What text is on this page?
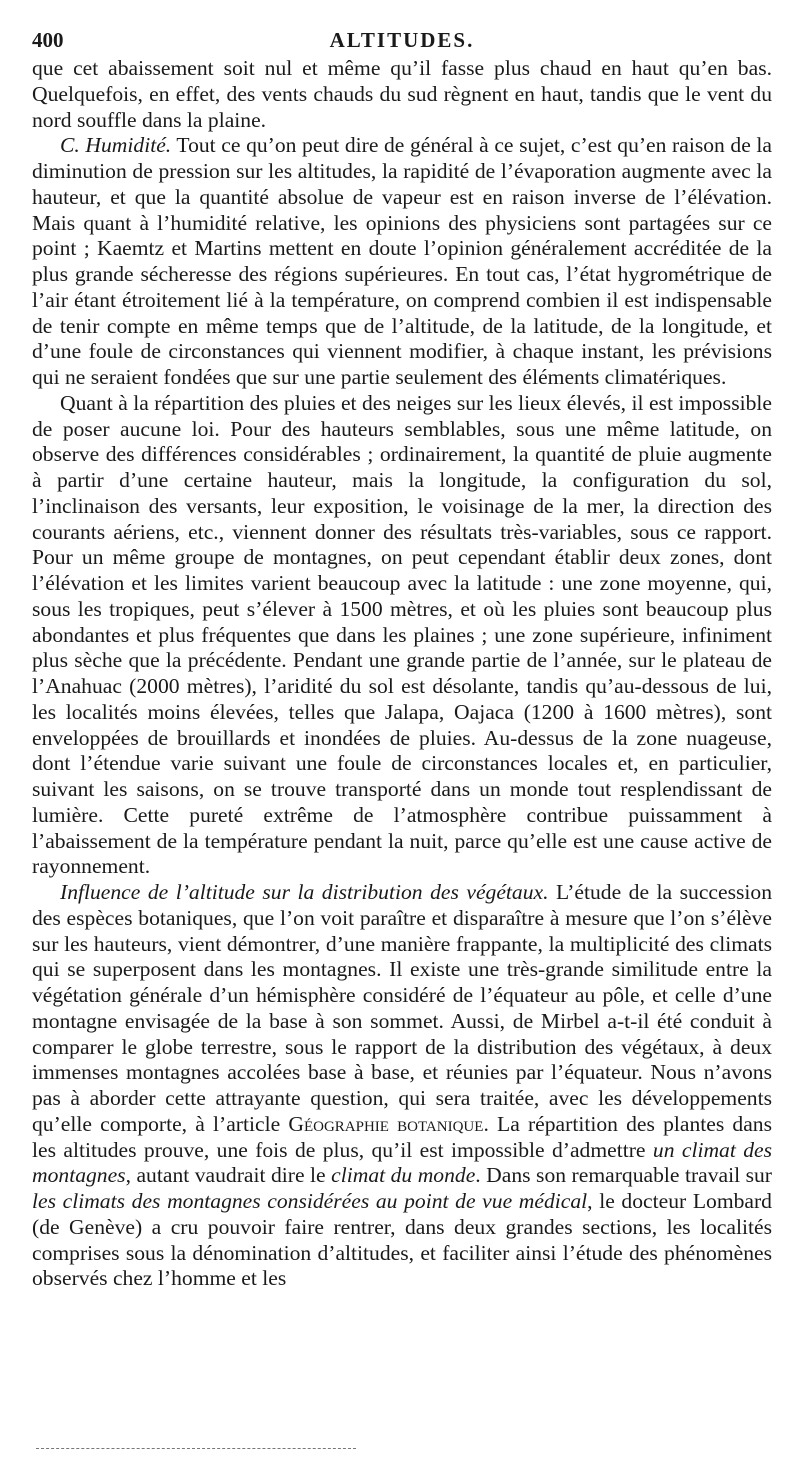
400	ALTITUDES.

que cet abaissement soit nul et même qu’il fasse plus chaud en haut qu’en bas. Quelquefois, en effet, des vents chauds du sud règnent en haut, tandis que le vent du nord souffle dans la plaine.

C. Humidité. Tout ce qu’on peut dire de général à ce sujet, c’est qu’en raison de la diminution de pression sur les altitudes, la rapidité de l’évaporation augmente avec la hauteur, et que la quantité absolue de vapeur est en raison inverse de l’élévation. Mais quant à l’humidité relative, les opinions des physiciens sont partagées sur ce point ; Kaemtz et Martins mettent en doute l’opinion généralement accréditée de la plus grande sécheresse des régions supérieures. En tout cas, l’état hygrométrique de l’air étant étroitement lié à la température, on comprend combien il est indispensable de tenir compte en même temps que de l’altitude, de la latitude, de la longitude, et d’une foule de circonstances qui viennent modifier, à chaque instant, les prévisions qui ne seraient fondées que sur une partie seulement des éléments climatériques.

Quant à la répartition des pluies et des neiges sur les lieux élevés, il est impossible de poser aucune loi. Pour des hauteurs semblables, sous une même latitude, on observe des différences considérables ; ordinairement, la quantité de pluie augmente à partir d’une certaine hauteur, mais la longitude, la configuration du sol, l’inclinaison des versants, leur exposition, le voisinage de la mer, la direction des courants aériens, etc., viennent donner des résultats très-variables, sous ce rapport. Pour un même groupe de montagnes, on peut cependant établir deux zones, dont l’élévation et les limites varient beaucoup avec la latitude : une zone moyenne, qui, sous les tropiques, peut s’élever à 1500 mètres, et où les pluies sont beaucoup plus abondantes et plus fréquentes que dans les plaines ; une zone supérieure, infiniment plus sèche que la précédente. Pendant une grande partie de l’année, sur le plateau de l’Anahuac (2000 mètres), l’aridité du sol est désolante, tandis qu’au-dessous de lui, les localités moins élevées, telles que Jalapa, Oajaca (1200 à 1600 mètres), sont enveloppées de brouillards et inondées de pluies. Au-dessus de la zone nuageuse, dont l’étendue varie suivant une foule de circonstances locales et, en particulier, suivant les saisons, on se trouve transporté dans un monde tout resplendissant de lumière. Cette pureté extrême de l’atmosphère contribue puissamment à l’abaissement de la température pendant la nuit, parce qu’elle est une cause active de rayonnement.

Influence de l’altitude sur la distribution des végétaux. L’étude de la succession des espèces botaniques, que l’on voit paraître et disparaître à mesure que l’on s’élève sur les hauteurs, vient démontrer, d’une manière frappante, la multiplicité des climats qui se superposent dans les montagnes. Il existe une très-grande similitude entre la végétation générale d’un hémisphère considéré de l’équateur au pôle, et celle d’une montagne envisagée de la base à son sommet. Aussi, de Mirbel a-t-il été conduit à comparer le globe terrestre, sous le rapport de la distribution des végétaux, à deux immenses montagnes accolées base à base, et réunies par l’équateur. Nous n’avons pas à aborder cette attrayante question, qui sera traitée, avec les développements qu’elle comporte, à l’article Géographie botanique. La répartition des plantes dans les altitudes prouve, une fois de plus, qu’il est impossible d’admettre un climat des montagnes, autant vaudrait dire le climat du monde. Dans son remarquable travail sur les climats des montagnes considérées au point de vue médical, le docteur Lombard (de Genève) a cru pouvoir faire rentrer, dans deux grandes sections, les localités comprises sous la dénomination d’altitudes, et faciliter ainsi l’étude des phénomènes observés chez l’homme et les
